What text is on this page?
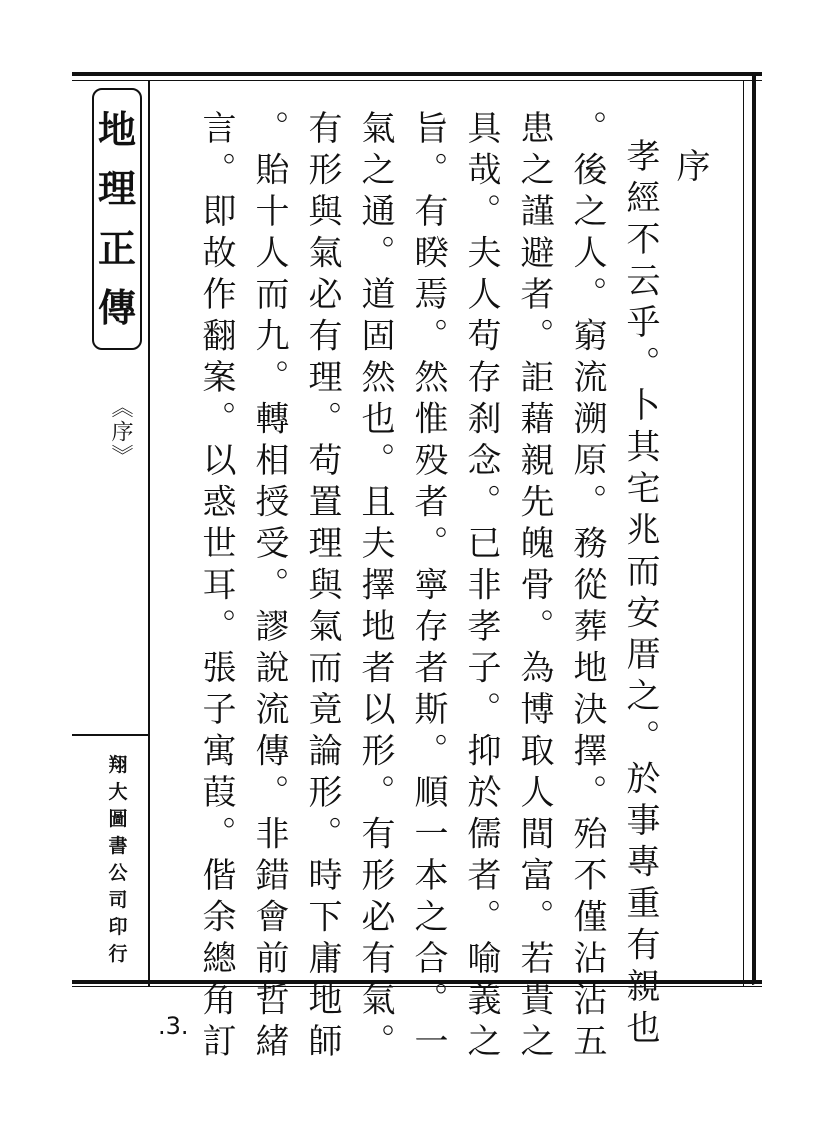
地
理
正
傳
《序》
翔
大
圖
書
公
司
印
行
序
孝經不云乎。卜其宅兆而安厝之。於事專重有親也
。後之人。窮流溯原。務從葬地決擇。殆不僅沾沾五
患之謹避者。詎藉親先魄骨。為博取人間富。若貴之
具哉。夫人苟存刹念。已非孝子。抑於儒者。喻義之
旨。有睽焉。然惟殁者。寧存者斯。順一本之合。一
氣之通。道固然也。且夫擇地者以形。有形必有氣。
有形與氣必有理。苟置理與氣而竟論形。時下庸地師
。貽十人而九。轉相授受。謬說流傳。非錯會前哲緒
言。即故作翻案。以惑世耳。張子寓葭。偕余總角訂
.3.
